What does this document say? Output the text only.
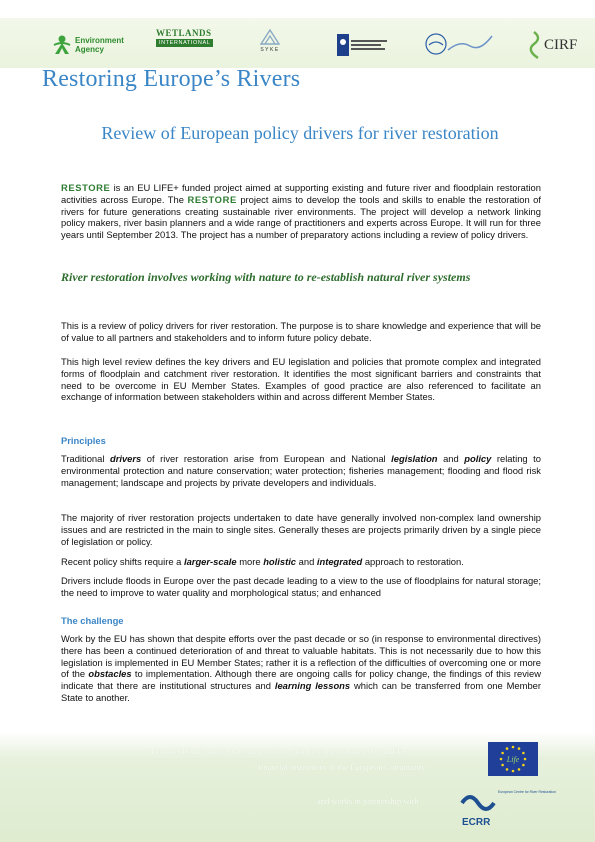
Environment Agency
WETLANDS
INTERNATIONAL
SYKE	CIRF
Restoring Europe’s Rivers
Review of European policy drivers for river restoration

RESTORE is an EU LIFE+ funded project aimed at supporting existing and future river and floodplain restoration activities across Europe. The RESTORE project aims to develop the tools and skills to enable the restoration of rivers for future generations creating sustainable river environments. The project will develop a network linking policy makers, river basin planners and a wide range of practitioners and experts across Europe. It will run for three years until September 2013. The project has a number of preparatory actions including a review of policy drivers.

River restoration involves working with nature to re-establish natural river systems

This is a review of policy drivers for river restoration. The purpose is to share knowledge and experience that will be of value to all partners and stakeholders and to inform future policy debate.

This high level review defines the key drivers and EU legislation and policies that promote complex and integrated forms of floodplain and catchment river restoration. It identifies the most significant barriers and constraints that need to be overcome in EU Member States. Examples of good practice are also referenced to facilitate an exchange of information between stakeholders within and across different Member States.

Principles

Traditional drivers of river restoration arise from European and National legislation and policy relating to environmental protection and nature conservation; water protection; fisheries management; flooding and flood risk management; landscape and projects by private developers and individuals.

The majority of river restoration projects undertaken to date have generally involved non-complex land ownership issues and are restricted in the main to single sites. Generally theses are projects primarily driven by a single piece of legislation or policy.

Recent policy shifts require a larger-scale more holistic and integrated approach to restoration.

Drivers include floods in Europe over the past decade leading to a view to the use of floodplains for natural storage; the need to improve to water quality and morphological status; and enhanced

The challenge

Work by the EU has shown that despite efforts over the past decade or so (in response to environmental directives) there has been a continued deterioration of and threat to valuable habitats. This is not necessarily due to how this legislation is implemented in EU Member States; rather it is a reflection of the difficulties of overcoming one or more of the obstacles to implementation. Although there are ongoing calls for policy change, the findings of this review indicate that there are institutional structures and learning lessons which can be transferred from one Member State to another.

The RESTORE project is made possible with the contribution of the LIFE+
financial instrument of the European Community
and works in partnership with
Life
European Centre for River Restoration
ECRR
